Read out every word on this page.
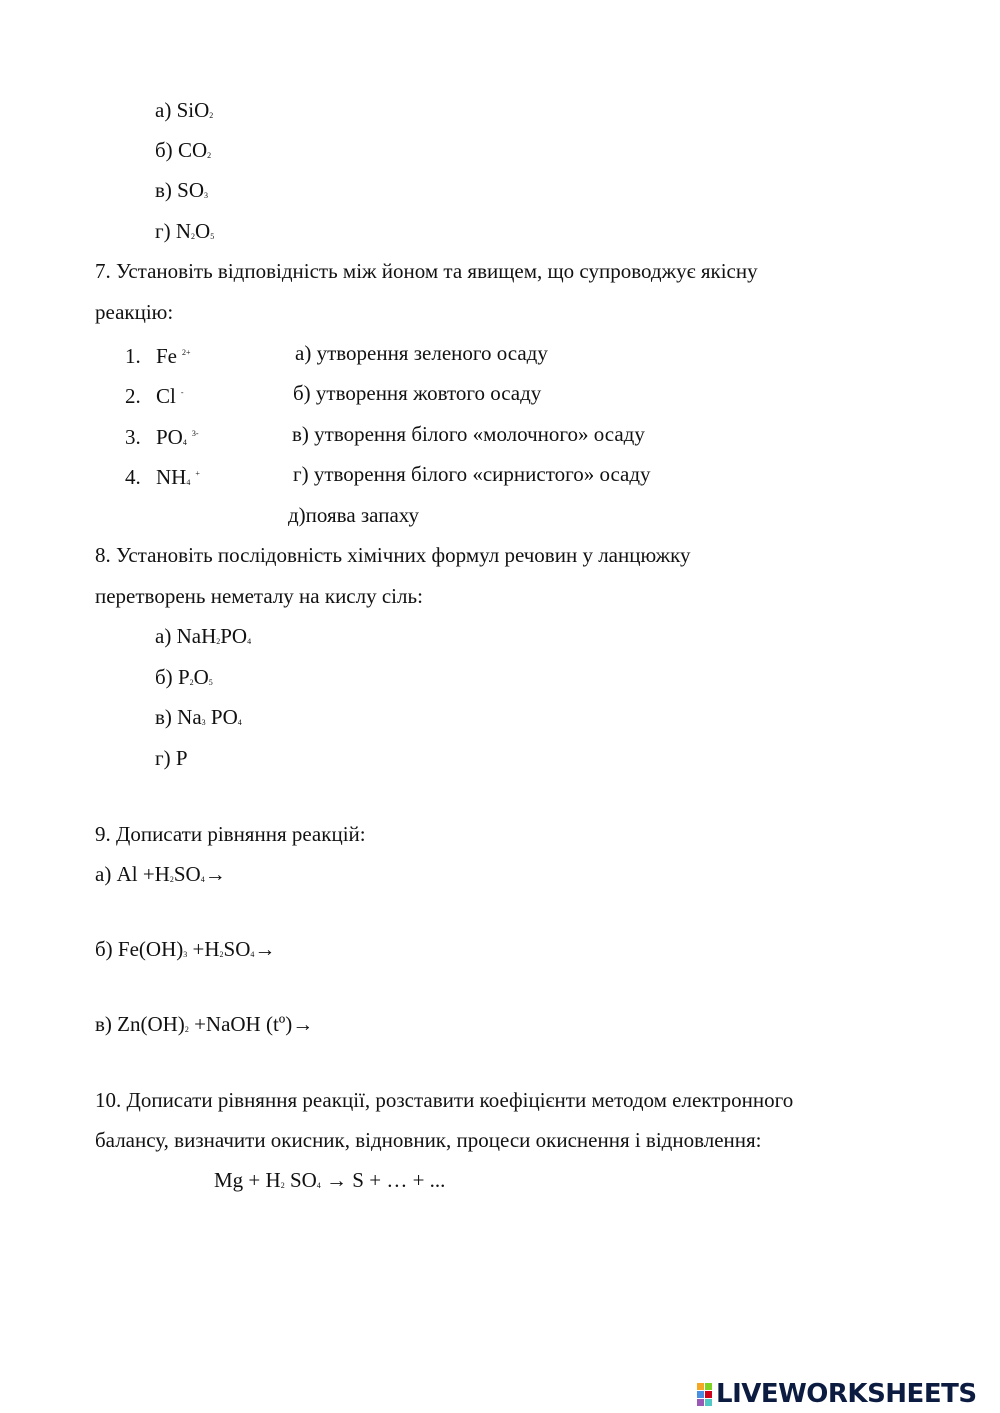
а) SiO2
б) CO2
в) SO3
г) N2O5
7. Установіть відповідність між йоном та явищем, що супроводжує якісну
реакцію:
1. Fe $^{2+}$
2. Cl -
3. $PO4^{3-}$
4. NH4+
а) утворення зеленого осаду
б) утворення жовтого осаду
в) утворення білого «молочного» осаду
г) утворення білого «сирнистого» осаду
д)поява запаху
8. Установіть послідовність хімічних формул речовин у ланцюжку
перетворень неметалу на кислу сіль:
а) NaH2PO4
б) P2O5
в) Na3 PO4
г) P
9. Дописати рівняння реакцій:
а) Al +H2SO4→
б) Fe(OH)3 +H2SO4→
в) Zn(OH)2 +NaOH (tº)→
10. Дописати рівняння реакції, розставити коефіцієнти методом електронного
балансу, визначити окисник, відновник, процеси окиснення і відновлення:
Mg + H2 SO4 → S + … + ...
LIVEWORKSHEETS
